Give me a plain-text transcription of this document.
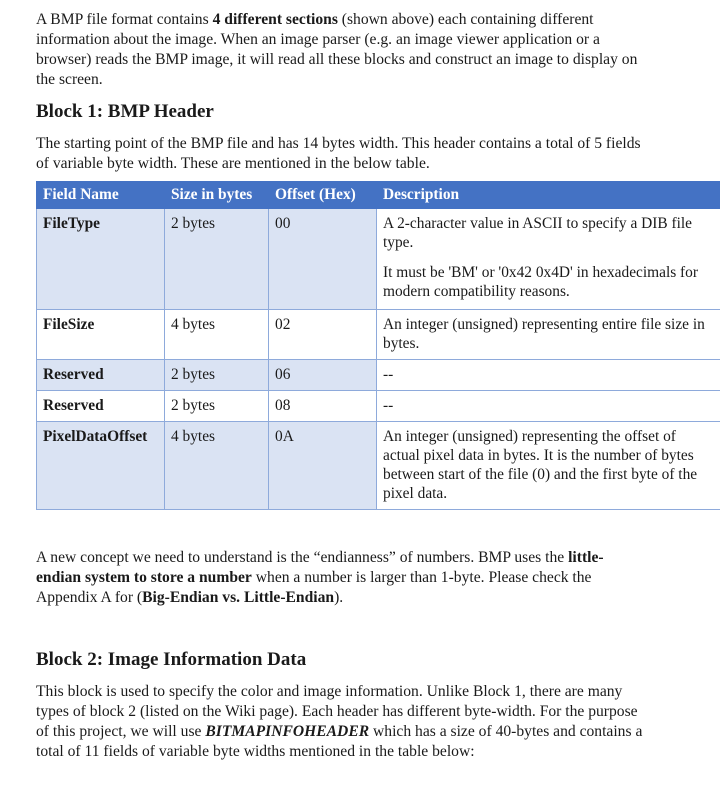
A BMP file format contains 4 different sections (shown above) each containing different
information about the image. When an image parser (e.g. an image viewer application or a
browser) reads the BMP image, it will read all these blocks and construct an image to display on
the screen.

Block 1: BMP Header

The starting point of the BMP file and has 14 bytes width. This header contains a total of 5 fields
of variable byte width. These are mentioned in the below table.

Field Name	Size in bytes	Offset (Hex)	Description
FileType	2 bytes	00	A 2-character value in ASCII to specify a DIB file
type.

It must be 'BM' or '0x42 0x4D' in hexadecimals for
modern compatibility reasons.

FileSize	4 bytes	02	An integer (unsigned) representing entire file size in
bytes.

Reserved	2 bytes	06	--

Reserved	2 bytes	08	--

PixelDataOffset	4 bytes	0A	An integer (unsigned) representing the offset of
actual pixel data in bytes. It is the number of bytes
between start of the file (0) and the first byte of the
pixel data.

A new concept we need to understand is the “endianness” of numbers. BMP uses the little-
endian system to store a number when a number is larger than 1-byte. Please check the
Appendix A for (Big-Endian vs. Little-Endian).

Block 2: Image Information Data

This block is used to specify the color and image information. Unlike Block 1, there are many
types of block 2 (listed on the Wiki page). Each header has different byte-width. For the purpose
of this project, we will use BITMAPINFOHEADER which has a size of 40-bytes and contains a
total of 11 fields of variable byte widths mentioned in the table below:
